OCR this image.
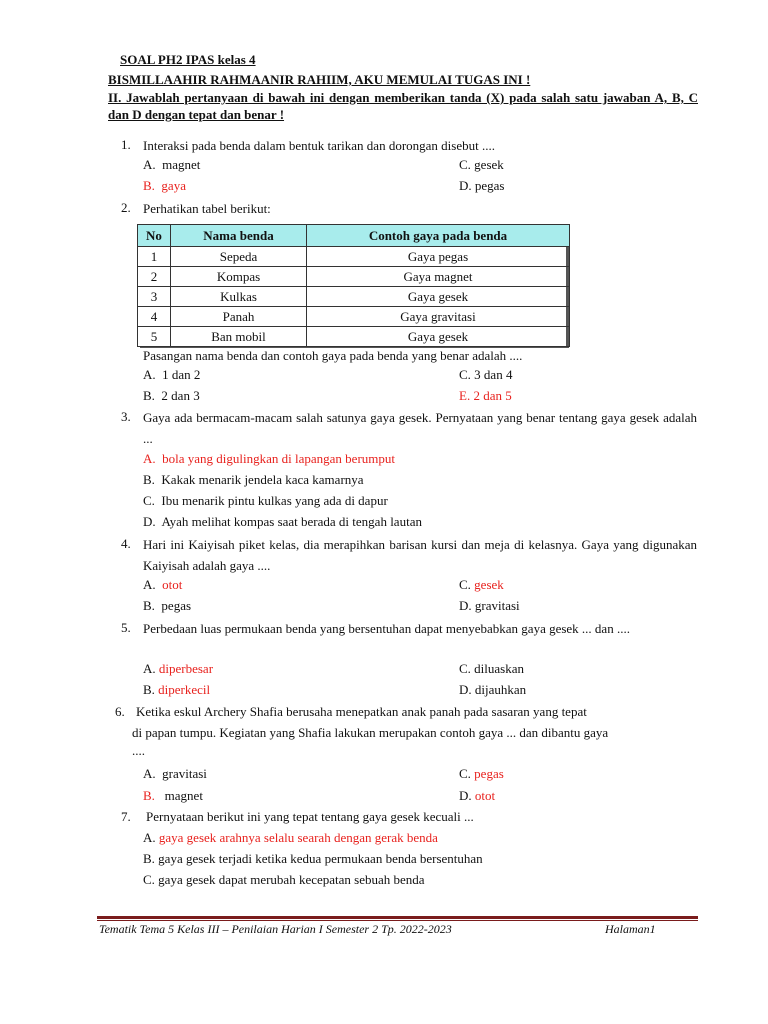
SOAL PH2 IPAS kelas 4
BISMILLAAHIR RAHMAANIR RAHIIM, AKU MEMULAI TUGAS INI !
II. Jawablah pertanyaan di bawah ini dengan memberikan tanda (X) pada salah satu jawaban A, B, C dan D dengan tepat dan benar !
1. Interaksi pada benda dalam bentuk tarikan dan dorongan disebut ....
A. magnet	C. gesek
B. gaya	D. pegas
2. Perhatikan tabel berikut:
No	Nama benda	Contoh gaya pada benda
1	Sepeda	Gaya pegas
2	Kompas	Gaya magnet
3	Kulkas	Gaya gesek
4	Panah	Gaya gravitasi
5	Ban mobil	Gaya gesek
Pasangan nama benda dan contoh gaya pada benda yang benar adalah ....
A. 1 dan 2	C. 3 dan 4
B. 2 dan 3	E. 2 dan 5
3. Gaya ada bermacam-macam salah satunya gaya gesek. Pernyataan yang benar tentang gaya gesek adalah ...
A. bola yang digulingkan di lapangan berumput
B. Kakak menarik jendela kaca kamarnya
C. Ibu menarik pintu kulkas yang ada di dapur
D. Ayah melihat kompas saat berada di tengah lautan
4. Hari ini Kaiyisah piket kelas, dia merapihkan barisan kursi dan meja di kelasnya. Gaya yang digunakan Kaiyisah adalah gaya ....
A. otot	C. gesek
B. pegas	D. gravitasi
5. Perbedaan luas permukaan benda yang bersentuhan dapat menyebabkan gaya gesek ... dan ....
A. diperbesar	C. diluaskan
B. diperkecil	D. dijauhkan
6. Ketika eskul Archery Shafia berusaha menepatkan anak panah pada sasaran yang tepat
di papan tumpu. Kegiatan yang Shafia lakukan merupakan contoh gaya ... dan dibantu gaya
....
A. gravitasi	C. pegas
B. magnet	D. otot
7. Pernyataan berikut ini yang tepat tentang gaya gesek kecuali ...
A. gaya gesek arahnya selalu searah dengan gerak benda
B. gaya gesek terjadi ketika kedua permukaan benda bersentuhan
C. gaya gesek dapat merubah kecepatan sebuah benda
Tematik Tema 5 Kelas III – Penilaian Harian I Semester 2 Tp. 2022-2023	Halaman1
